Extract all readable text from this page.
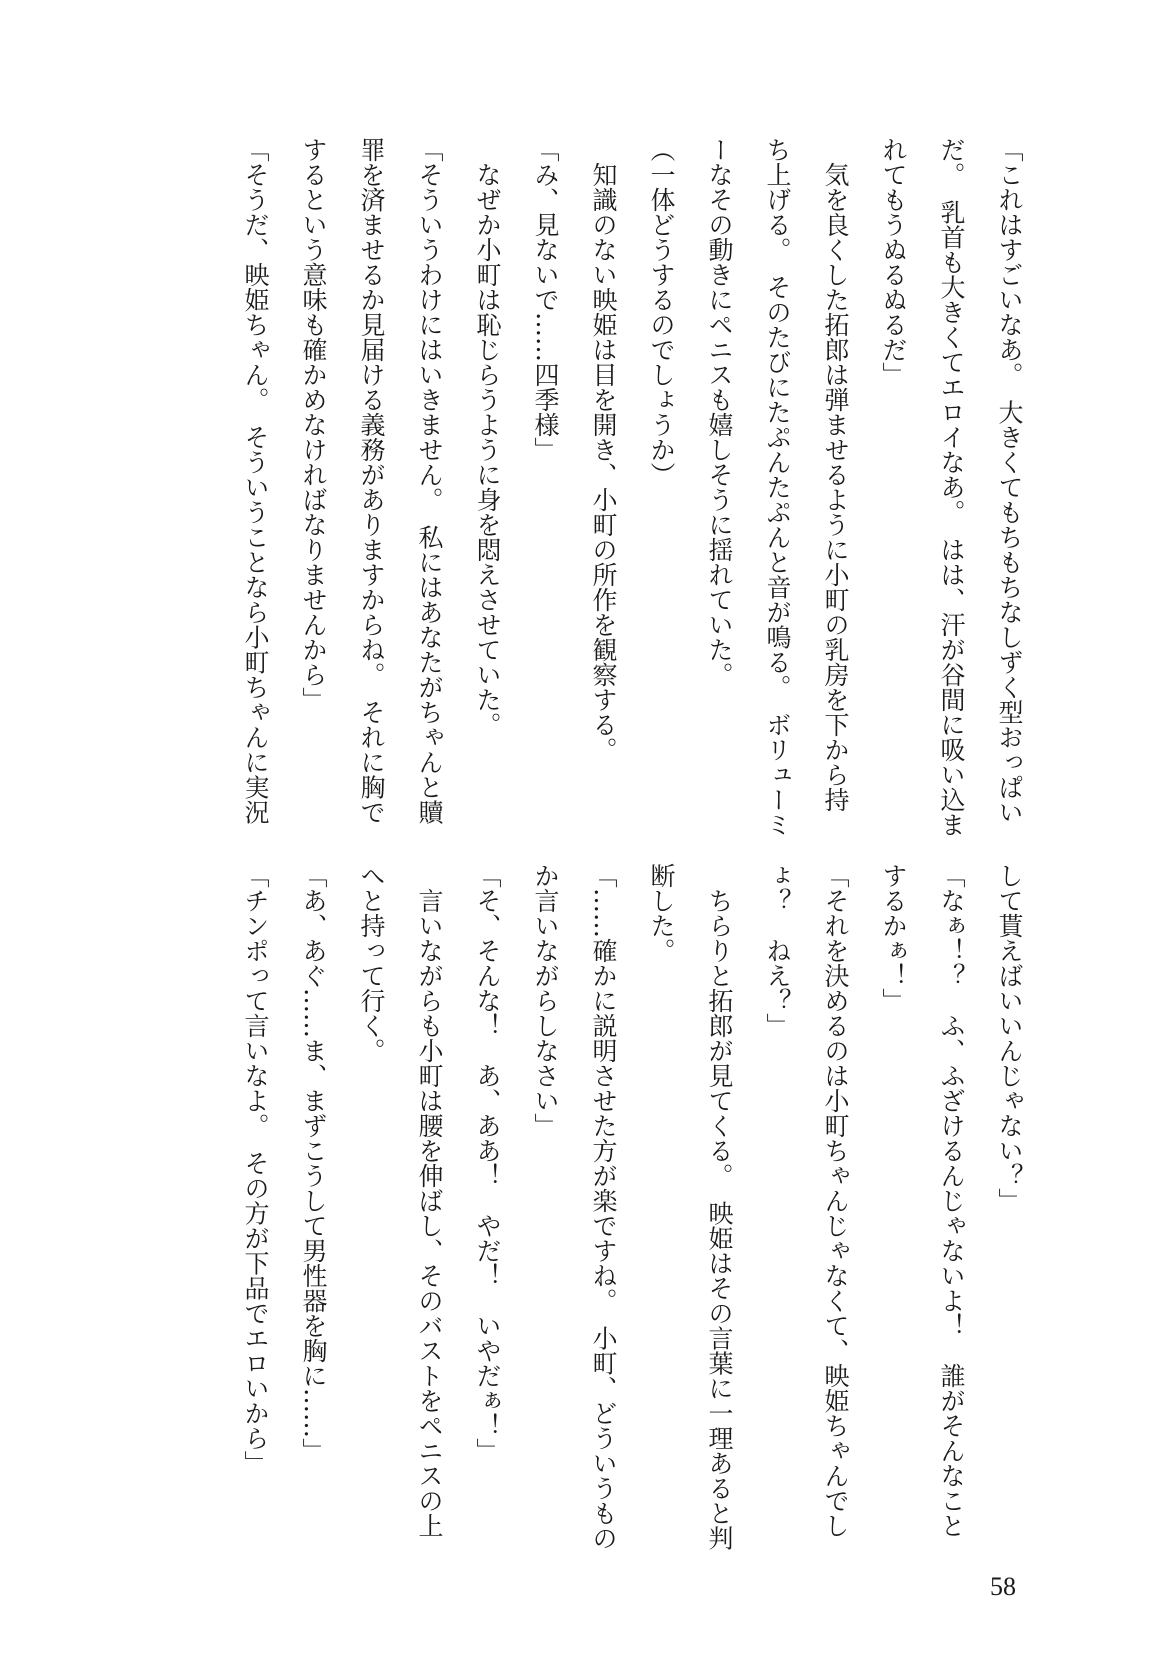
「これはすごいなあ。　大きくてもちもちなしずく型おっぱい
だ。　乳首も大きくてエロイなあ。　はは、汗が谷間に吸い込ま
れてもうぬるぬるだ」
　気を良くした拓郎は弾ませるように小町の乳房を下から持
ち上げる。　そのたびにたぷんたぷんと音が鳴る。　ボリューミ
ーなその動きにペニスも嬉しそうに揺れていた。
（一体どうするのでしょうか）
　知識のない映姫は目を開き、小町の所作を観察する。
「み、見ないで……四季様」
　なぜか小町は恥じらうように身を悶えさせていた。
「そういうわけにはいきません。　私にはあなたがちゃんと贖
罪を済ませるか見届ける義務がありますからね。　それに胸で
するという意味も確かめなければなりませんから」
「そうだ、映姫ちゃん。　そういうことなら小町ちゃんに実況
して貰えばいいんじゃない？」
「なぁ！？　ふ、ふざけるんじゃないよ！　誰がそんなこと
するかぁ！」
「それを決めるのは小町ちゃんじゃなくて、映姫ちゃんでし
ょ？　ねえ？」
　ちらりと拓郎が見てくる。　映姫はその言葉に一理あると判
断した。
「……確かに説明させた方が楽ですね。　小町、どういうもの
か言いながらしなさい」
「そ、そんな！　あ、ああ！　やだ！　いやだぁ！」
　言いながらも小町は腰を伸ばし、そのバストをペニスの上
へと持って行く。
「あ、あぐ……ま、まずこうして男性器を胸に……」
「チンポって言いなよ。　その方が下品でエロいから」
58
